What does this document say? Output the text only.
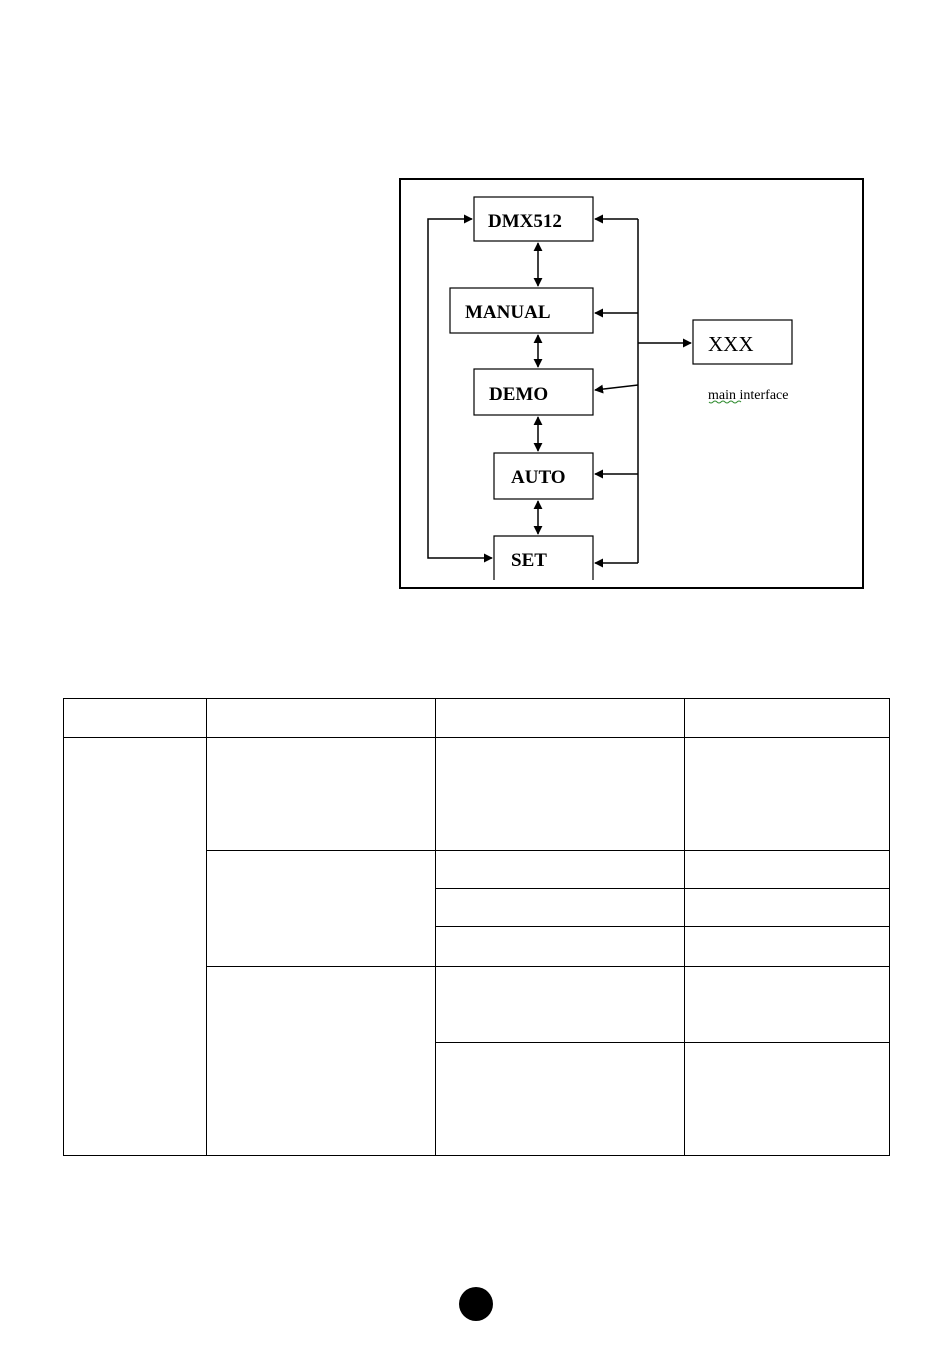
DMX512
MANUAL
DEMO
AUTO
SET
XXX
main interface
